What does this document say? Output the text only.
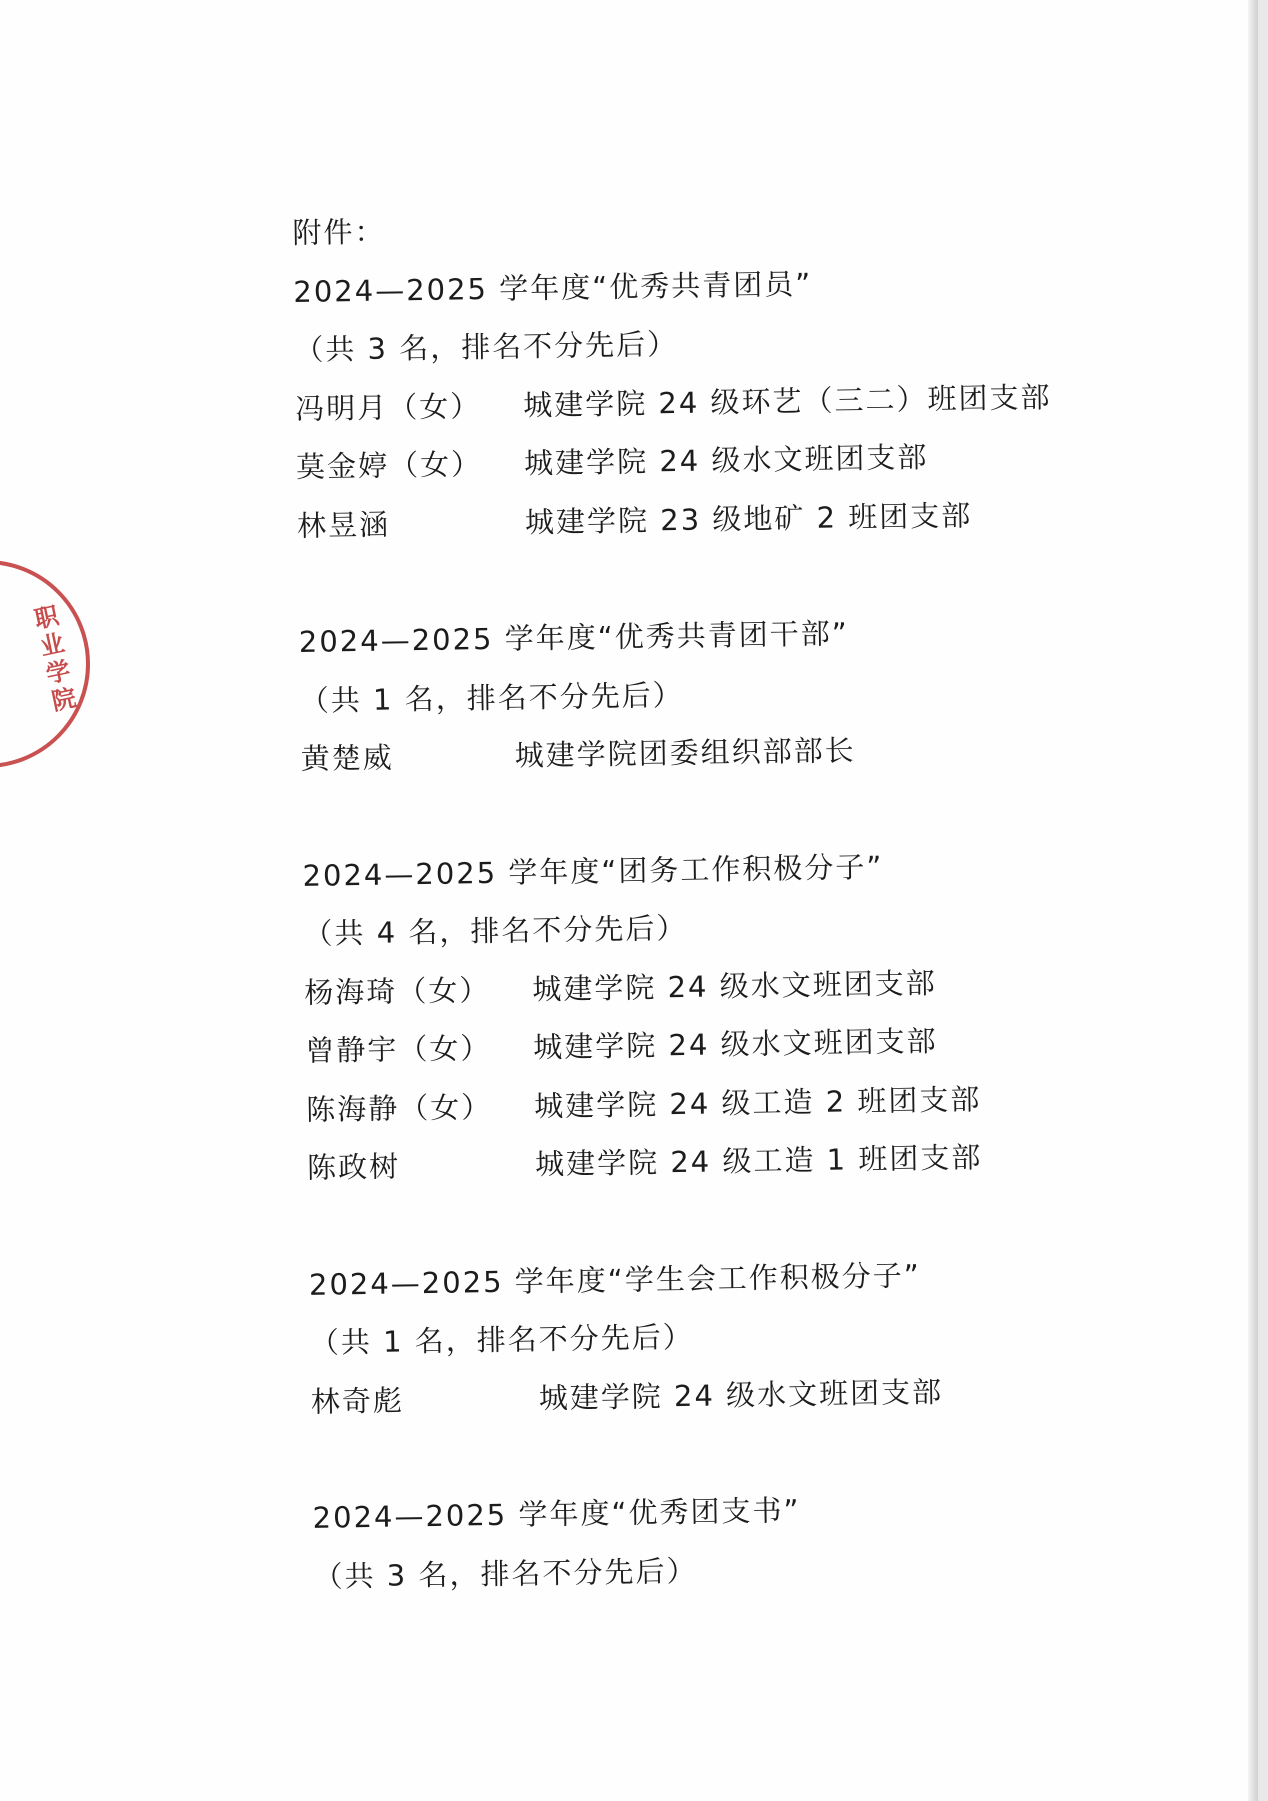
职业学院
附件：
2024—2025 学年度“优秀共青团员”
（共 3 名，排名不分先后）
冯明月（女）	城建学院 24 级环艺（三二）班团支部
莫金婷（女）	城建学院 24 级水文班团支部
林昱涵	城建学院 23 级地矿 2 班团支部
2024—2025 学年度“优秀共青团干部”
（共 1 名，排名不分先后）
黄楚威	城建学院团委组织部部长
2024—2025 学年度“团务工作积极分子”
（共 4 名，排名不分先后）
杨海琦（女）	城建学院 24 级水文班团支部
曾静宇（女）	城建学院 24 级水文班团支部
陈海静（女）	城建学院 24 级工造 2 班团支部
陈政树	城建学院 24 级工造 1 班团支部
2024—2025 学年度“学生会工作积极分子”
（共 1 名，排名不分先后）
林奇彪	城建学院 24 级水文班团支部
2024—2025 学年度“优秀团支书”
（共 3 名，排名不分先后）
